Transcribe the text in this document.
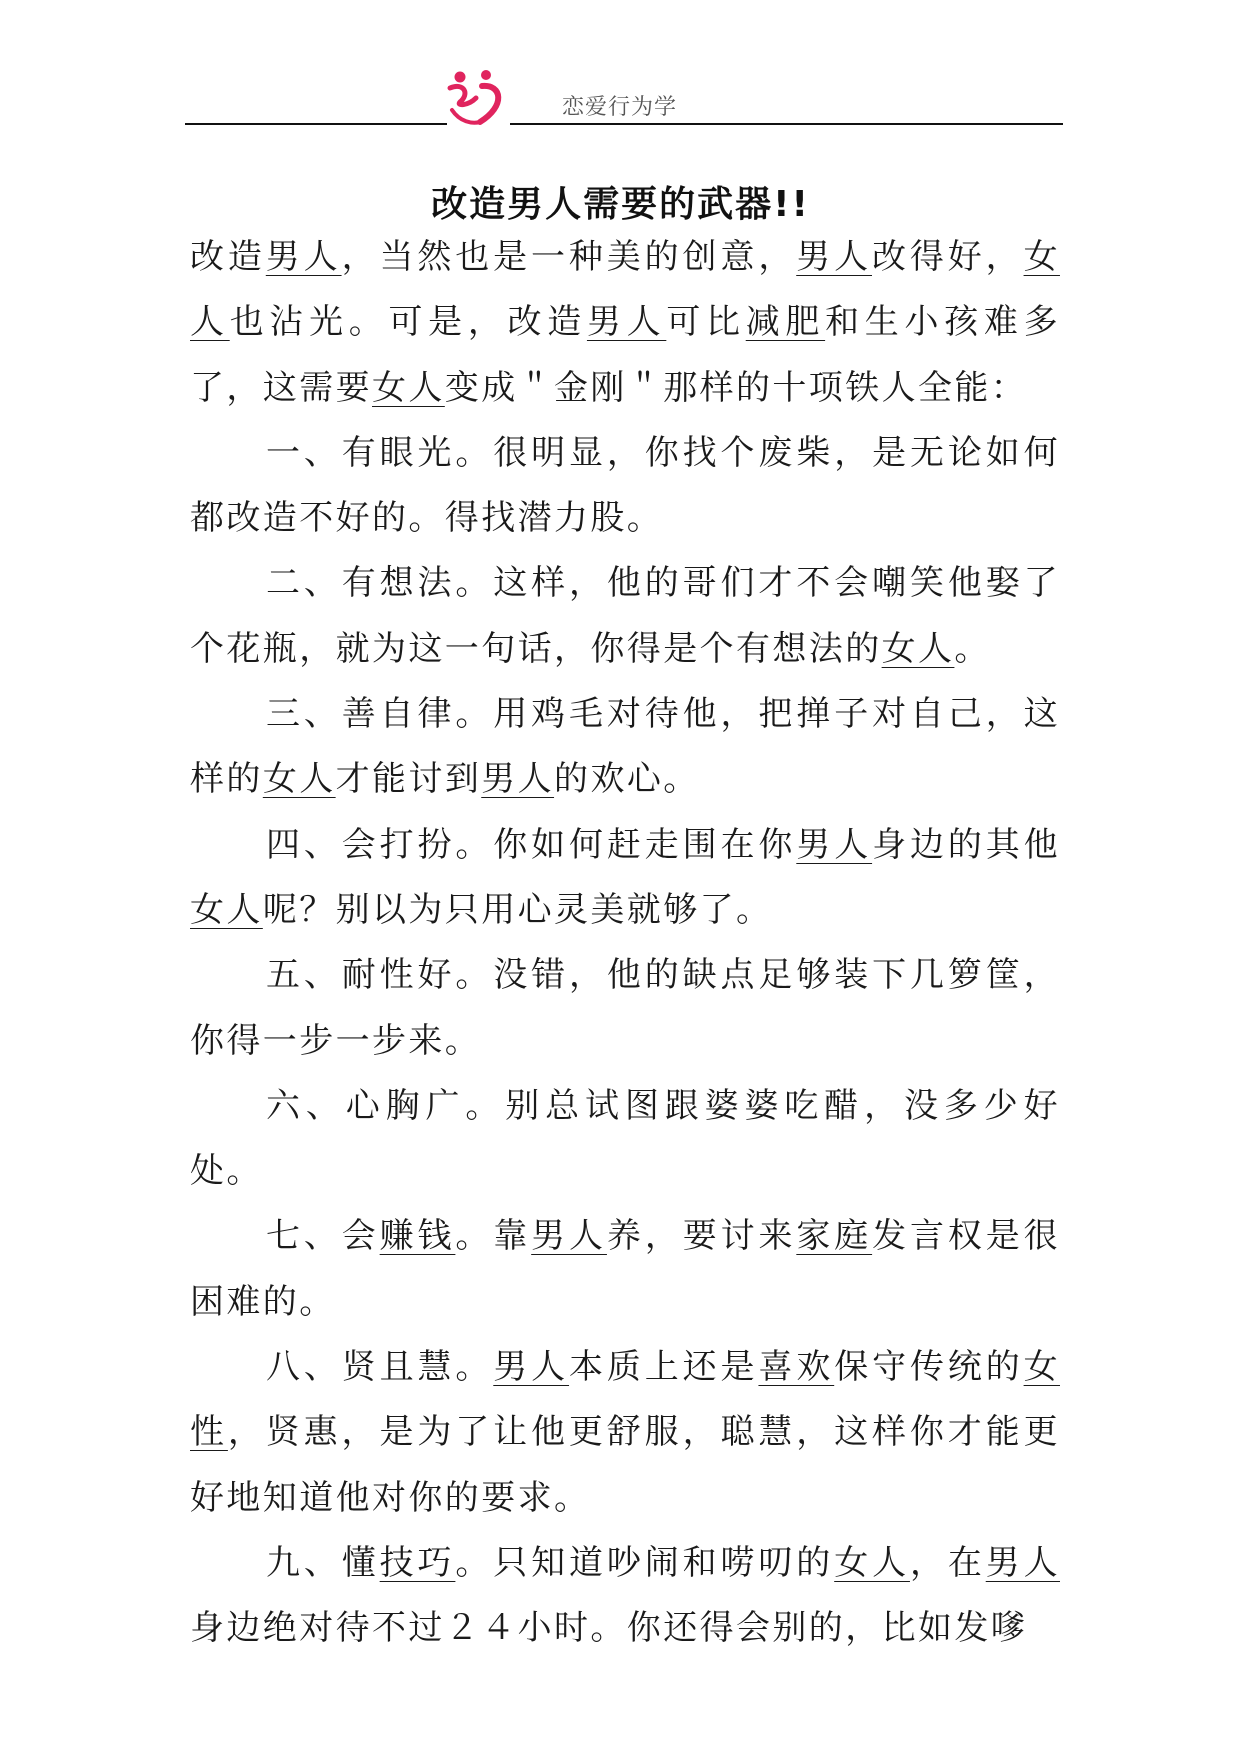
恋爱行为学
改造男人需要的武器!!

改造男人，当然也是一种美的创意，男人改得好，女人也沾光。可是，改造男人可比减肥和生小孩难多了，这需要女人变成＂金刚＂那样的十项铁人全能：

一、有眼光。很明显，你找个废柴，是无论如何都改造不好的。得找潜力股。

二、有想法。这样，他的哥们才不会嘲笑他娶了个花瓶，就为这一句话，你得是个有想法的女人。

三、善自律。用鸡毛对待他，把掸子对自己，这样的女人才能讨到男人的欢心。

四、会打扮。你如何赶走围在你男人身边的其他女人呢？别以为只用心灵美就够了。

五、耐性好。没错，他的缺点足够装下几箩筐，你得一步一步来。

六、心胸广。别总试图跟婆婆吃醋，没多少好处。

七、会赚钱。靠男人养，要讨来家庭发言权是很困难的。

八、贤且慧。男人本质上还是喜欢保守传统的女性，贤惠，是为了让他更舒服，聪慧，这样你才能更好地知道他对你的要求。

九、懂技巧。只知道吵闹和唠叨的女人，在男人身边绝对待不过２４小时。你还得会别的，比如发嗲
